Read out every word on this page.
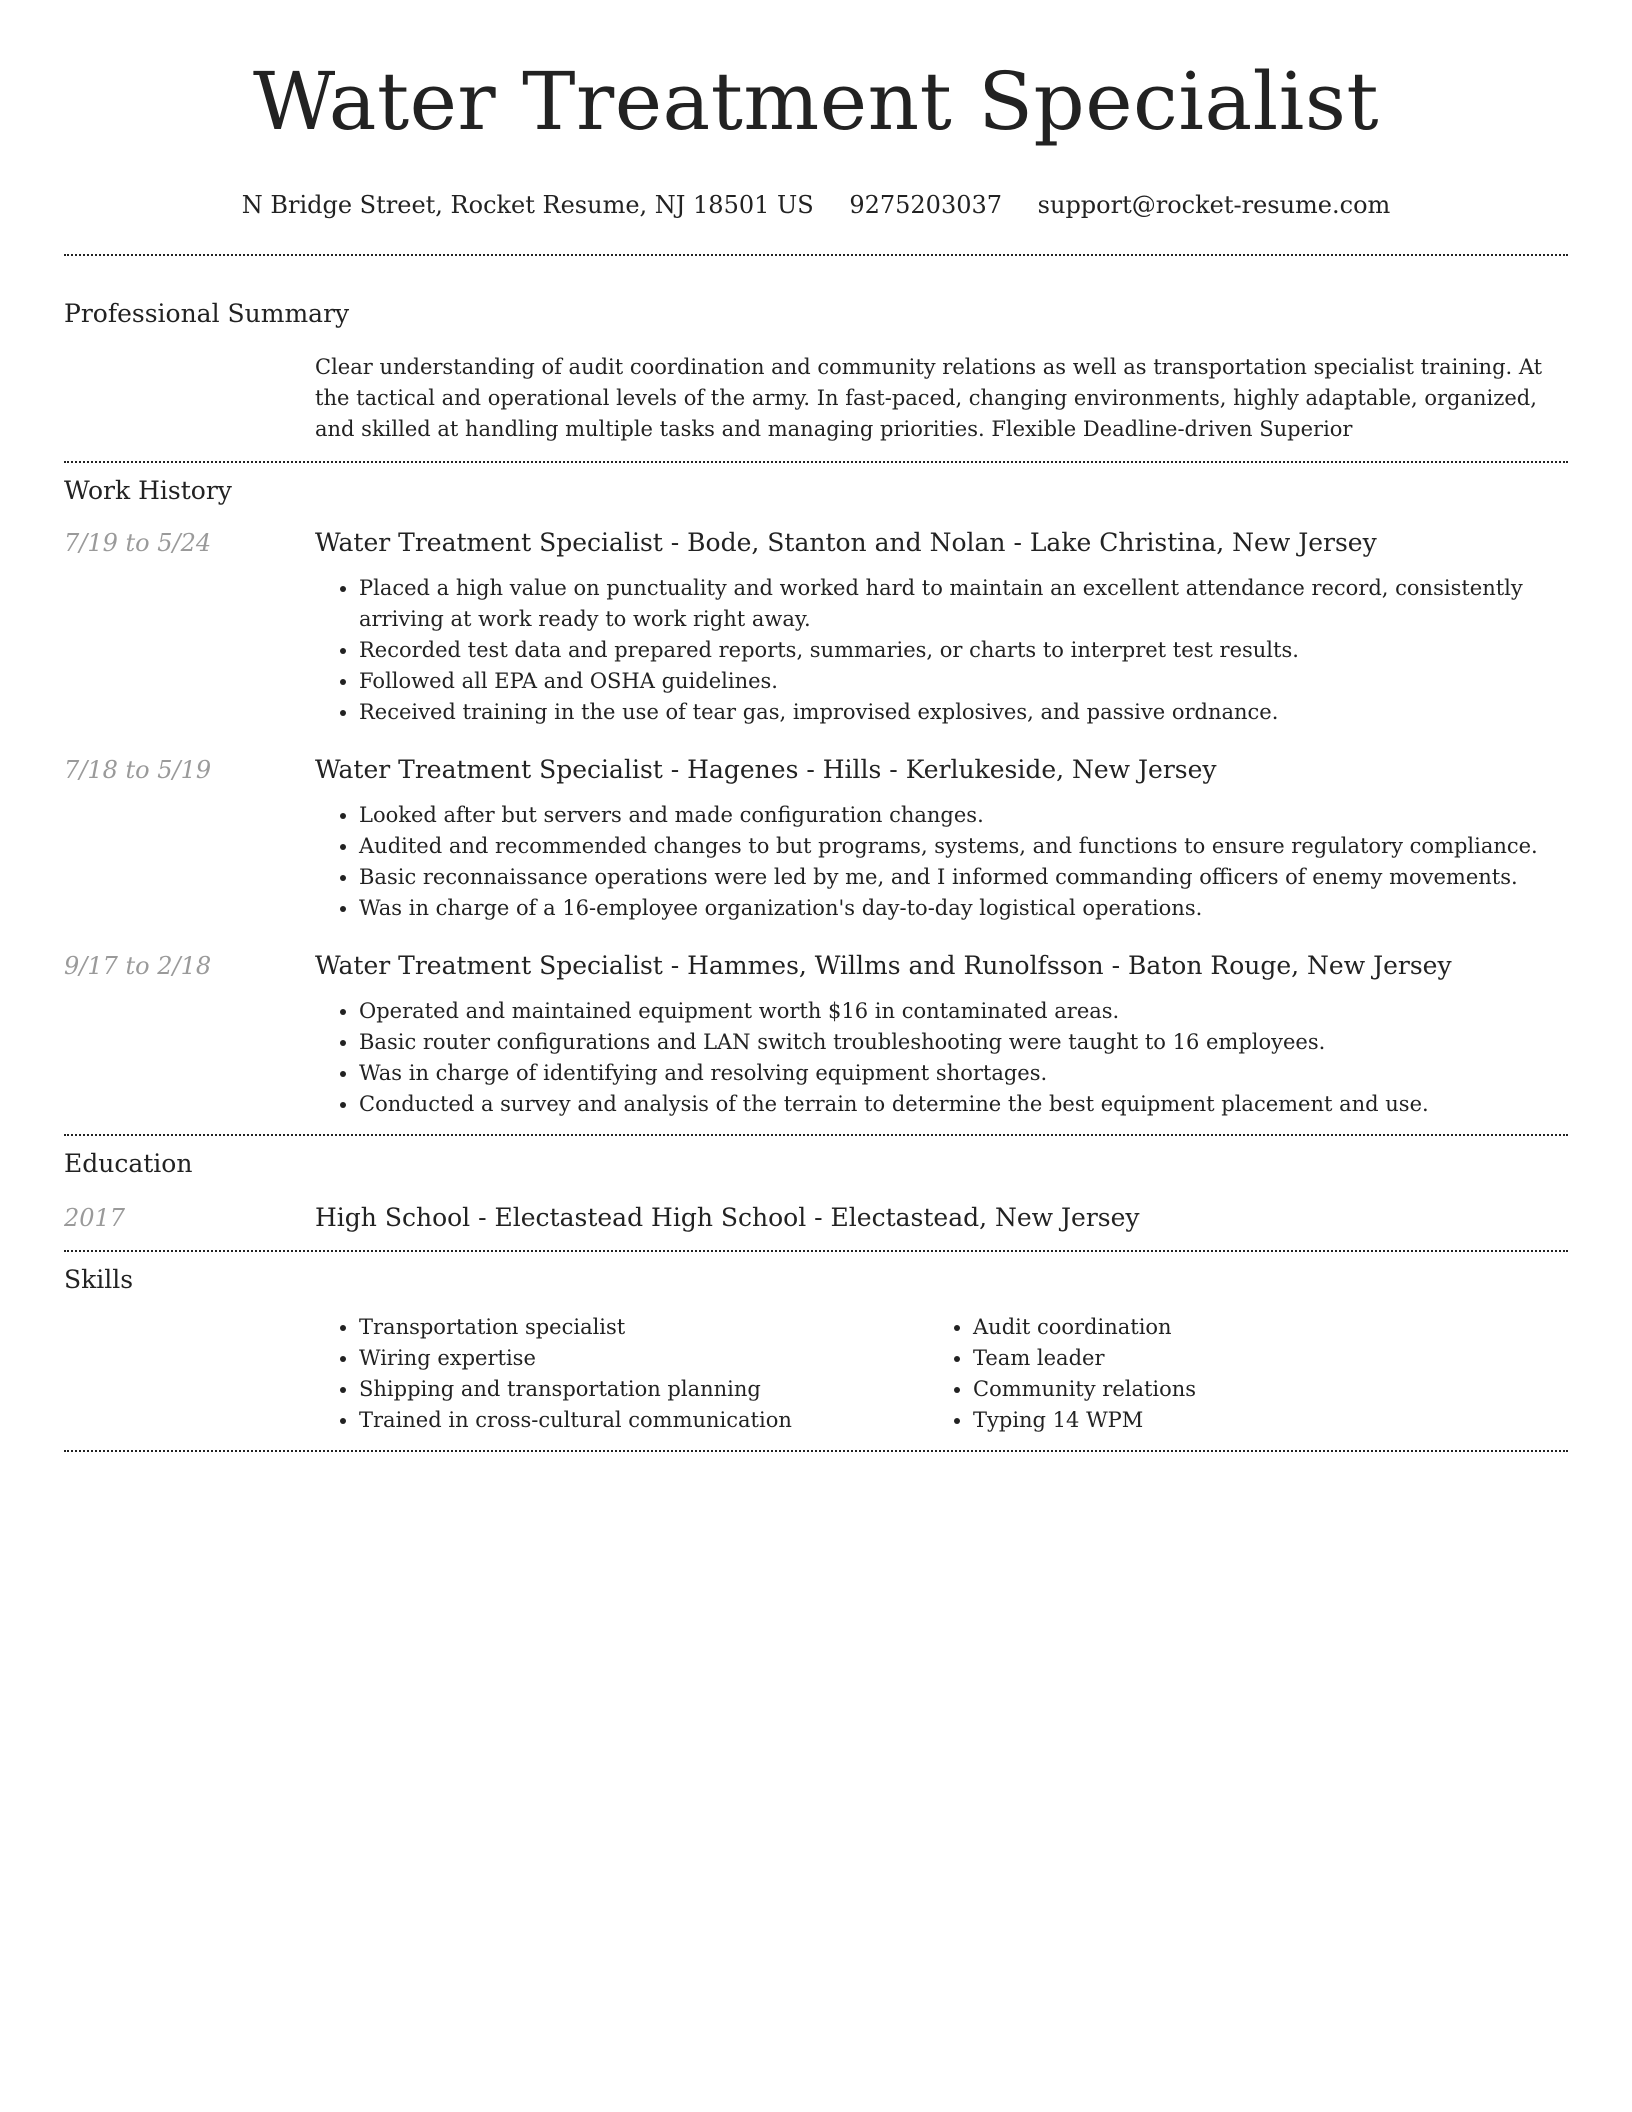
Water Treatment Specialist
N Bridge Street, Rocket Resume, NJ 18501 US 9275203037 support@rocket-resume.com
Professional Summary
Clear understanding of audit coordination and community relations as well as transportation specialist training. At the tactical and operational levels of the army. In fast-paced, changing environments, highly adaptable, organized, and skilled at handling multiple tasks and managing priorities. Flexible Deadline-driven Superior
Work History
7/19 to 5/24	Water Treatment Specialist - Bode, Stanton and Nolan - Lake Christina, New Jersey
• Placed a high value on punctuality and worked hard to maintain an excellent attendance record, consistently arriving at work ready to work right away.
• Recorded test data and prepared reports, summaries, or charts to interpret test results.
• Followed all EPA and OSHA guidelines.
• Received training in the use of tear gas, improvised explosives, and passive ordnance.
7/18 to 5/19	Water Treatment Specialist - Hagenes - Hills - Kerlukeside, New Jersey
• Looked after but servers and made configuration changes.
• Audited and recommended changes to but programs, systems, and functions to ensure regulatory compliance.
• Basic reconnaissance operations were led by me, and I informed commanding officers of enemy movements.
• Was in charge of a 16-employee organization's day-to-day logistical operations.
9/17 to 2/18	Water Treatment Specialist - Hammes, Willms and Runolfsson - Baton Rouge, New Jersey
• Operated and maintained equipment worth $16 in contaminated areas.
• Basic router configurations and LAN switch troubleshooting were taught to 16 employees.
• Was in charge of identifying and resolving equipment shortages.
• Conducted a survey and analysis of the terrain to determine the best equipment placement and use.
Education
2017	High School - Electastead High School - Electastead, New Jersey
Skills
• Transportation specialist
• Wiring expertise
• Shipping and transportation planning
• Trained in cross-cultural communication
• Audit coordination
• Team leader
• Community relations
• Typing 14 WPM
